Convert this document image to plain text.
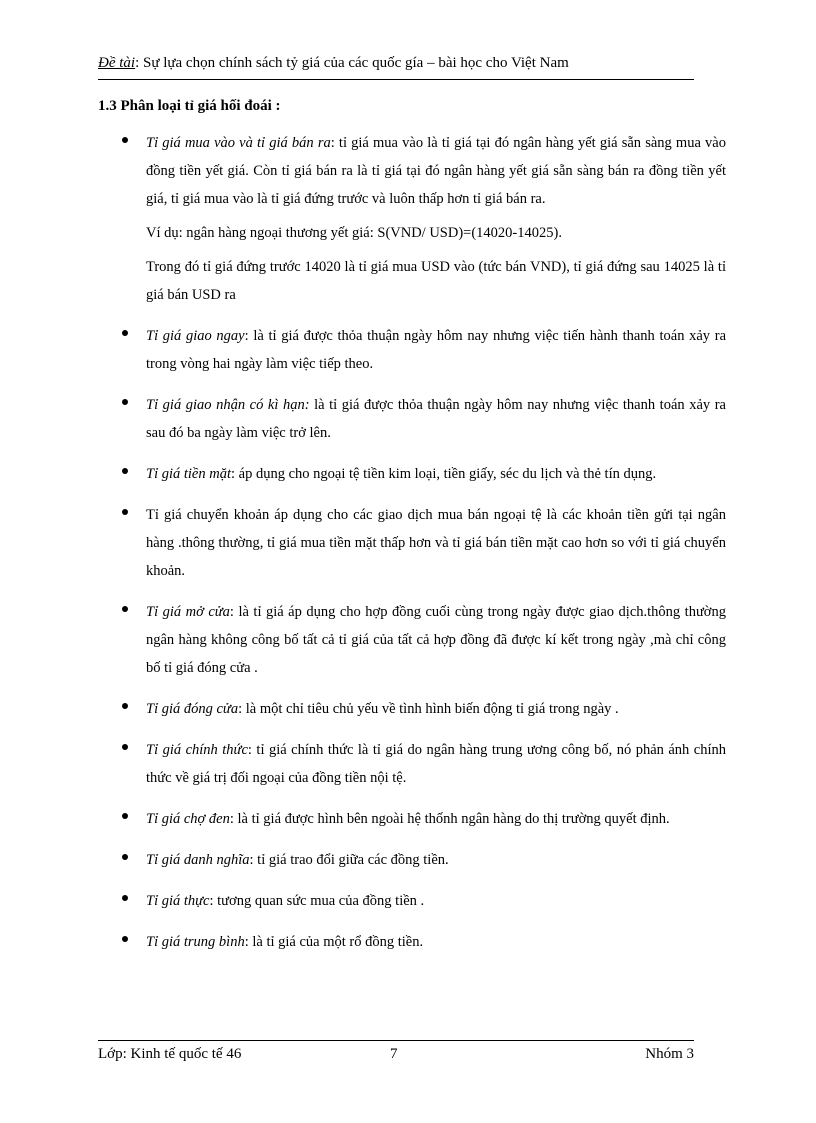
Đề tài: Sự lựa chọn chính sách tỷ giá của các quốc gía – bài học cho Việt Nam
1.3 Phân loại tỉ giá hối đoái :

Tỉ giá mua vào và tỉ giá bán ra: tỉ giá mua vào là tỉ giá tại đó ngân hàng yết giá sẵn sàng mua vào đồng tiền yết giá. Còn tỉ giá bán ra là tỉ giá tại đó ngân hàng yết giá sẵn sàng bán ra đồng tiền yết giá, tỉ giá mua vào là tỉ giá đứng trước và luôn thấp hơn tỉ giá bán ra.

Ví dụ: ngân hàng ngoại thương yết giá: S(VND/ USD)=(14020-14025).

Trong đó tỉ giá đứng trước 14020 là tỉ giá mua USD vào (tức bán VND), tỉ giá đứng sau 14025 là tỉ giá bán USD ra

Tỉ giá giao ngay: là tỉ giá được thỏa thuận ngày hôm nay nhưng việc tiến hành thanh toán xảy ra trong vòng hai ngày làm việc tiếp theo.

Tỉ giá giao nhận có kì hạn: là tỉ giá được thỏa thuận ngày hôm nay nhưng việc thanh toán xảy ra sau đó ba ngày làm việc trở lên.

Tỉ giá tiền mặt: áp dụng cho ngoại tệ tiền kim loại, tiền giấy, séc du lịch và thẻ tín dụng.

Tỉ giá chuyển khoản áp dụng cho các giao dịch mua bán ngoại tệ là các khoản tiền gửi tại ngân hàng .thông thường, tỉ giá mua tiền mặt thấp hơn và tỉ giá bán tiền mặt cao hơn so với tỉ giá chuyển khoản.

Tỉ giá mở cửa: là tỉ giá áp dụng cho hợp đồng cuối cùng trong ngày được giao dịch.thông thường ngân hàng không công bố tất cả tỉ giá của tất cả hợp đồng đã được kí kết trong ngày ,mà chỉ công bố tỉ giá đóng cửa .

Tỉ giá đóng cửa: là một chỉ tiêu chủ yếu về tình hình biến động tỉ giá trong ngày .

Tỉ giá chính thức: tỉ giá chính thức là tỉ giá do ngân hàng trung ương công bố, nó phản ánh chính thức về giá trị đối ngoại của đồng tiền nội tệ.

Tỉ giá chợ đen: là tỉ giá được hình bên ngoài hệ thốnh ngân hàng do thị trường quyết định.

Tỉ giá danh nghĩa: tỉ giá trao đổi giữa các đồng tiền.

Tỉ giá thực: tương quan sức mua của đồng tiền .

Tỉ giá trung bình: là tỉ giá của một rổ đồng tiền.

Lớp: Kinh tế quốc tế 46	7	Nhóm 3
